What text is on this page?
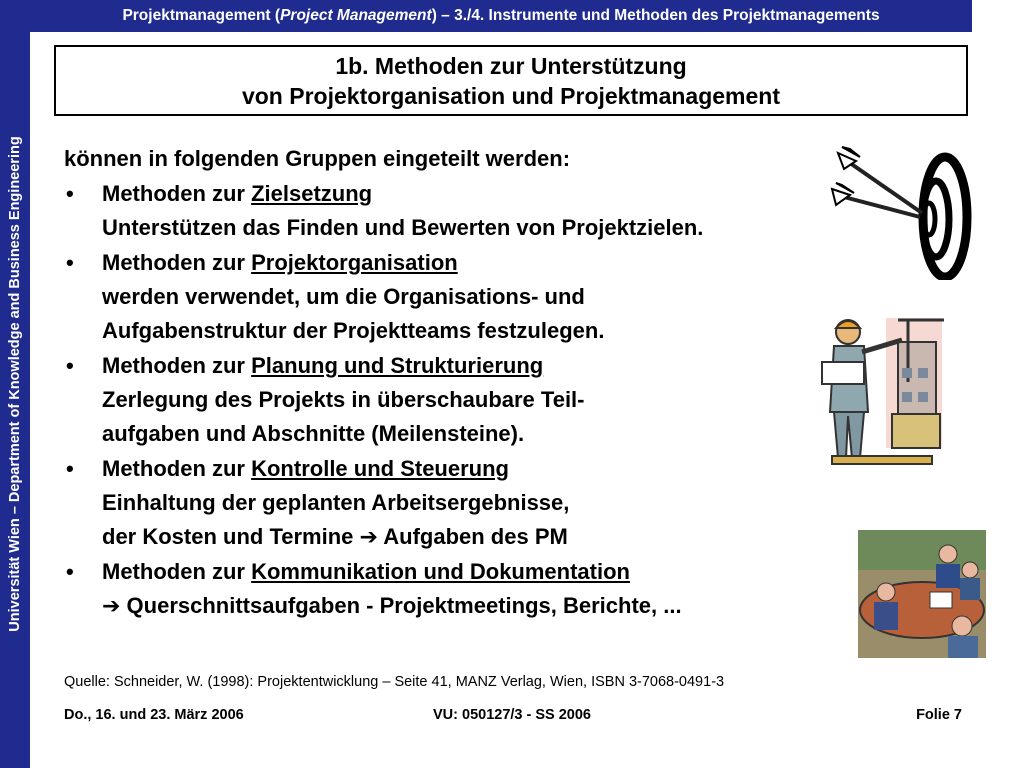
Universität Wien – Department of Knowledge and Business Engineering
Projektmanagement (Project Management) – 3./4. Instrumente und Methoden des Projektmanagements
1b. Methoden zur Unterstützung
von Projektorganisation und Projektmanagement

können in folgenden Gruppen eingeteilt werden:

• Methoden zur Zielsetzung
Unterstützen das Finden und Bewerten von Projektzielen.
• Methoden zur Projektorganisation
werden verwendet, um die Organisations- und
Aufgabenstruktur der Projektteams festzulegen.
• Methoden zur Planung und Strukturierung
Zerlegung des Projekts in überschaubare Teil-
aufgaben und Abschnitte (Meilensteine).
• Methoden zur Kontrolle und Steuerung
Einhaltung der geplanten Arbeitsergebnisse,
der Kosten und Termine ➔ Aufgaben des PM
• Methoden zur Kommunikation und Dokumentation
➔ Querschnittsaufgaben - Projektmeetings, Berichte, ...
Quelle: Schneider, W. (1998): Projektentwicklung – Seite 41, MANZ Verlag, Wien, ISBN 3-7068-0491-3
Do., 16. und 23. März 2006	VU: 050127/3 - SS 2006	Folie 7
